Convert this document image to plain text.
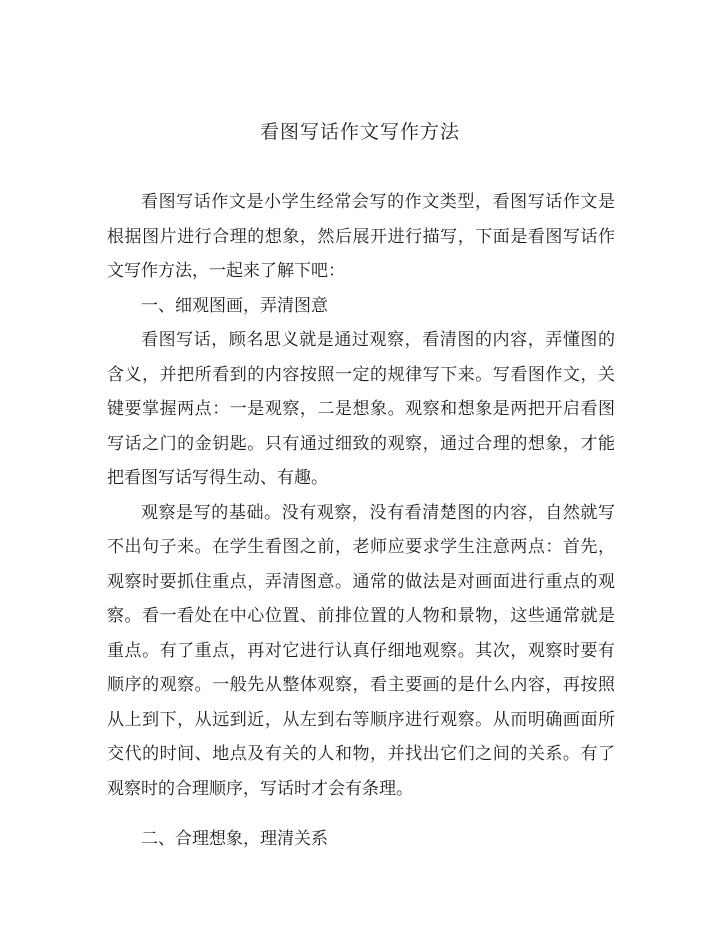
看图写话作文写作方法

看图写话作文是小学生经常会写的作文类型，看图写话作文是根据图片进行合理的想象，然后展开进行描写，下面是看图写话作文写作方法，一起来了解下吧：

一、细观图画，弄清图意

看图写话，顾名思义就是通过观察，看清图的内容，弄懂图的含义，并把所看到的内容按照一定的规律写下来。写看图作文，关键要掌握两点：一是观察，二是想象。观察和想象是两把开启看图写话之门的金钥匙。只有通过细致的观察，通过合理的想象，才能把看图写话写得生动、有趣。

观察是写的基础。没有观察，没有看清楚图的内容，自然就写不出句子来。在学生看图之前，老师应要求学生注意两点：首先，观察时要抓住重点，弄清图意。通常的做法是对画面进行重点的观察。看一看处在中心位置、前排位置的人物和景物，这些通常就是重点。有了重点，再对它进行认真仔细地观察。其次，观察时要有顺序的观察。一般先从整体观察，看主要画的是什么内容，再按照从上到下，从远到近，从左到右等顺序进行观察。从而明确画面所交代的时间、地点及有关的人和物，并找出它们之间的关系。有了观察时的合理顺序，写话时才会有条理。

二、合理想象，理清关系
